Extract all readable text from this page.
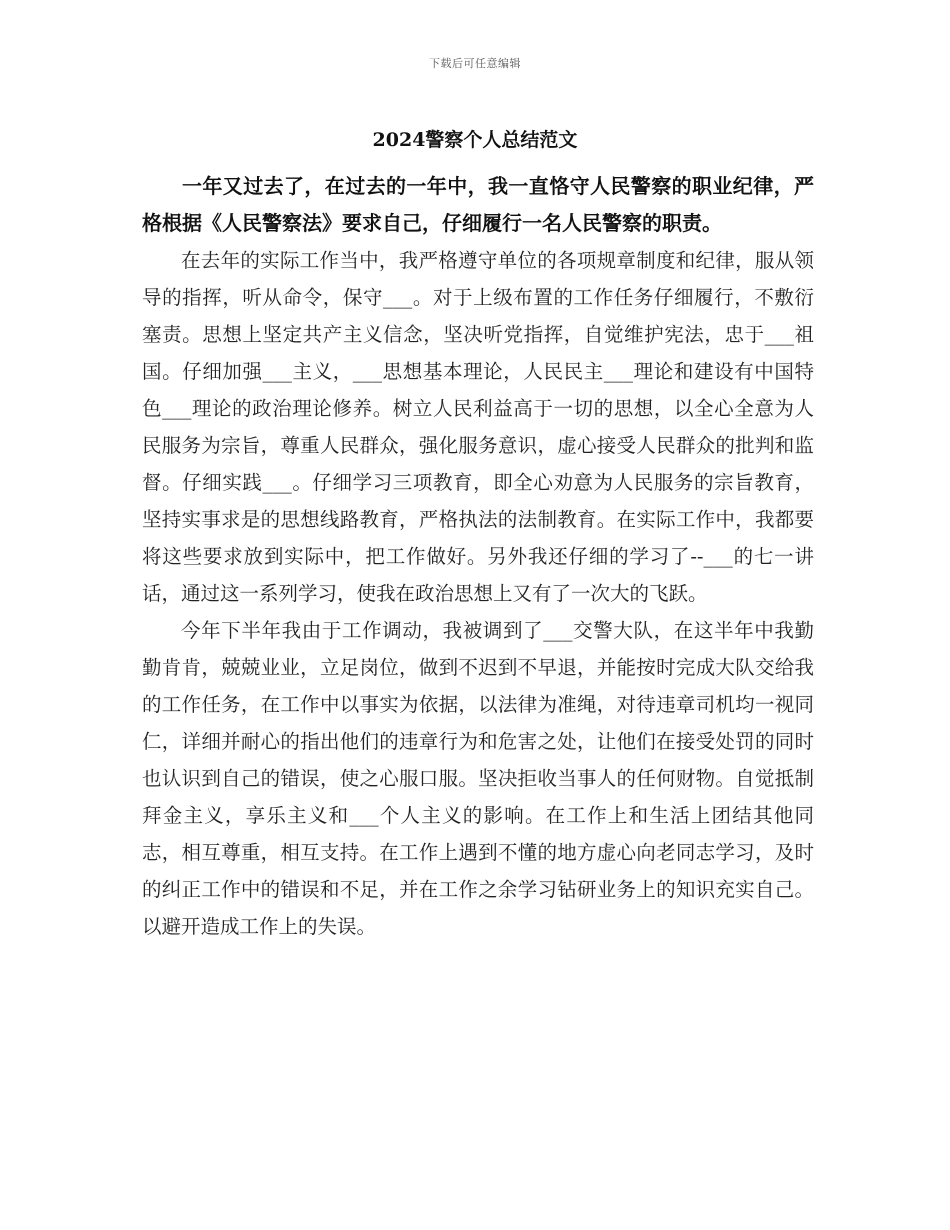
下载后可任意编辑
2024警察个人总结范文

一年又过去了，在过去的一年中，我一直恪守人民警察的职业纪律，严格根据《人民警察法》要求自己，仔细履行一名人民警察的职责。

在去年的实际工作当中，我严格遵守单位的各项规章制度和纪律，服从领导的指挥，听从命令，保守___。对于上级布置的工作任务仔细履行，不敷衍塞责。思想上坚定共产主义信念，坚决听党指挥，自觉维护宪法，忠于___祖国。仔细加强___主义，___思想基本理论，人民民主___理论和建设有中国特色___理论的政治理论修养。树立人民利益高于一切的思想，以全心全意为人民服务为宗旨，尊重人民群众，强化服务意识，虚心接受人民群众的批判和监督。仔细实践___。仔细学习三项教育，即全心劝意为人民服务的宗旨教育，坚持实事求是的思想线路教育，严格执法的法制教育。在实际工作中，我都要将这些要求放到实际中，把工作做好。另外我还仔细的学习了--___的七一讲话，通过这一系列学习，使我在政治思想上又有了一次大的飞跃。

今年下半年我由于工作调动，我被调到了___交警大队，在这半年中我勤勤肯肯，兢兢业业，立足岗位，做到不迟到不早退，并能按时完成大队交给我的工作任务，在工作中以事实为依据，以法律为准绳，对待违章司机均一视同仁，详细并耐心的指出他们的违章行为和危害之处，让他们在接受处罚的同时也认识到自己的错误，使之心服口服。坚决拒收当事人的任何财物。自觉抵制拜金主义，享乐主义和___个人主义的影响。在工作上和生活上团结其他同志，相互尊重，相互支持。在工作上遇到不懂的地方虚心向老同志学习，及时的纠正工作中的错误和不足，并在工作之余学习钻研业务上的知识充实自己。以避开造成工作上的失误。
